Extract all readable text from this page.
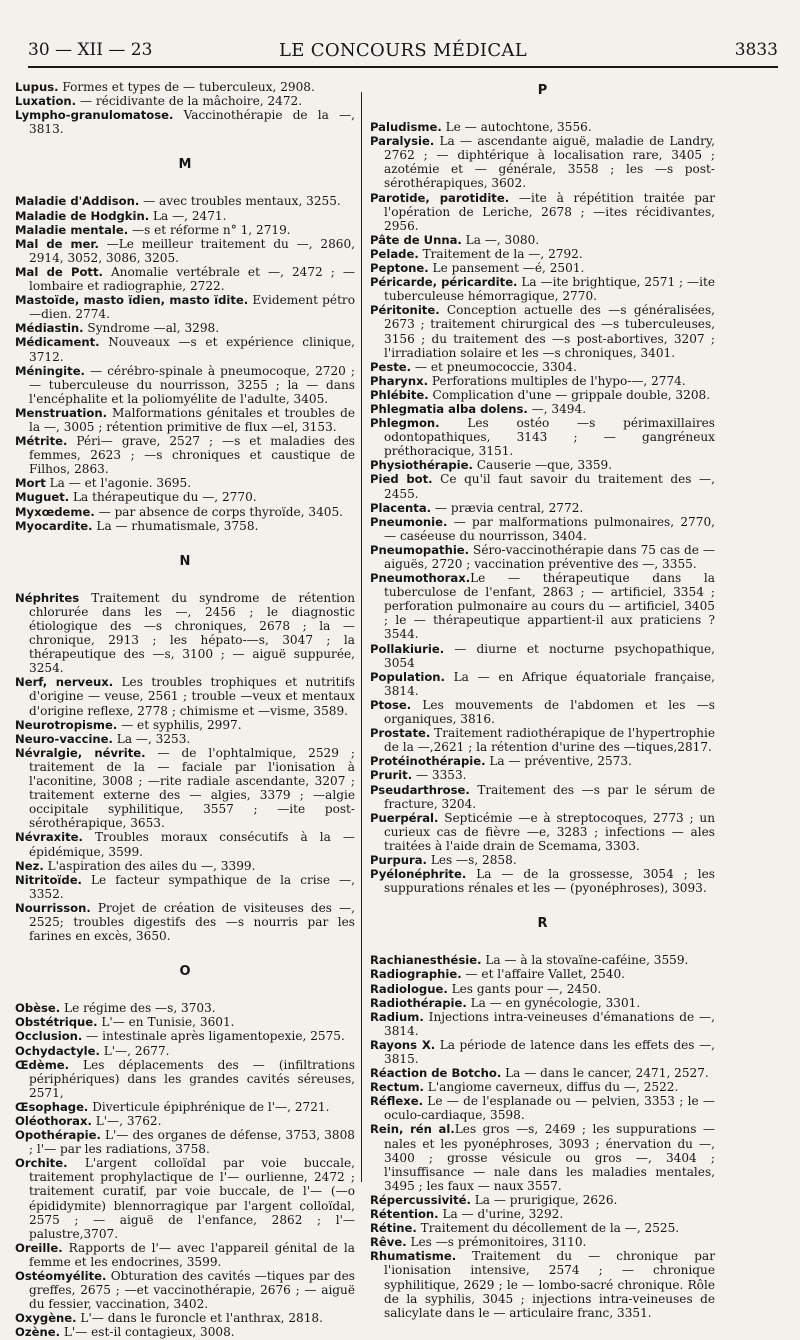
30 — XII — 23	LE CONCOURS MÉDICAL	3833

Lupus. Formes et types de — tuberculeux, 2908.

Luxation. — récidivante de la mâchoire, 2472.

Lympho-granulomatose. Vaccinothérapie de la —, 3813.

M

Maladie d'Addison. — avec troubles mentaux, 3255.

Maladie de Hodgkin. La —, 2471.

Maladie mentale. —s et réforme n° 1, 2719.

Mal de mer. —Le meilleur traitement du —, 2860, 2914, 3052, 3086, 3205.

Mal de Pott. Anomalie vertébrale et —, 2472 ; — lombaire et radiographie, 2722.

Mastoïde, masto ïdien, masto ïdite. Evidement pétro—dien. 2774.

Médiastin. Syndrome —al, 3298.

Médicament. Nouveaux —s et expérience clinique, 3712.

Méningite. — cérébro-spinale à pneumocoque, 2720 ; — tuberculeuse du nourrisson, 3255 ; la — dans l'encéphalite et la poliomyélite de l'adulte, 3405.

Menstruation. Malformations génitales et troubles de la —, 3005 ; rétention primitive de flux —el, 3153.

Métrite. Péri— grave, 2527 ; —s et maladies des femmes, 2623 ; —s chroniques et caustique de Filhos, 2863.

Mort La — et l'agonie. 3695.

Muguet. La thérapeutique du —, 2770.

Myxœdeme. — par absence de corps thyroïde, 3405.

Myocardite. La — rhumatismale, 3758.

N

Néphrites Traitement du syndrome de rétention chlorurée dans les —, 2456 ; le diagnostic étiologique des —s chroniques, 2678 ; la — chronique, 2913 ; les hépato-—s, 3047 ; la thérapeutique des —s, 3100 ; — aiguë suppurée, 3254.

Nerf, nerveux. Les troubles trophiques et nutritifs d'origine — veuse, 2561 ; trouble —veux et mentaux d'origine reflexe, 2778 ; chimisme et —visme, 3589.

Neurotropisme. — et syphilis, 2997.

Neuro-vaccine. La —, 3253.

Névralgie, névrite. — de l'ophtalmique, 2529 ; traitement de la — faciale par l'ionisation à l'aconitine, 3008 ; —rite radiale ascendante, 3207 ; traitement externe des — algies, 3379 ; —algie occipitale syphilitique, 3557 ; —ite post-sérothérapique, 3653.

Névraxite. Troubles moraux consécutifs à la — épidémique, 3599.

Nez. L'aspiration des ailes du —, 3399.

Nitritoïde. Le facteur sympathique de la crise —, 3352.

Nourrisson. Projet de création de visiteuses des —, 2525; troubles digestifs des —s nourris par les farines en excès, 3650.

O

Obèse. Le régime des —s, 3703.

Obstétrique. L'— en Tunisie, 3601.

Occlusion. — intestinale après ligamentopexie, 2575.

Ochydactyle. L'—, 2677.

Œdème. Les déplacements des — (infiltrations périphériques) dans les grandes cavités séreuses, 2571,

Œsophage. Diverticule épiphrénique de l'—, 2721.

Oléothorax. L'—, 3762.

Opothérapie. L'— des organes de défense, 3753, 3808 ; l'— par les radiations, 3758.

Orchite. L'argent colloïdal par voie buccale, traitement prophylactique de l'— ourlienne, 2472 ; traitement curatif, par voie buccale, de l'— (—o épididymite) blennorragique par l'argent colloïdal, 2575 ; — aiguë de l'enfance, 2862 ; l'— palustre,3707.

Oreille. Rapports de l'— avec l'appareil génital de la femme et les endocrines, 3599.

Ostéomyélite. Obturation des cavités —tiques par des greffes, 2675 ; —et vaccinothérapie, 2676 ; — aiguë du fessier, vaccination, 3402.

Oxygène. L'— dans le furoncle et l'anthrax, 2818.

Ozène. L'— est-il contagieux, 3008.

P

Paludisme. Le — autochtone, 3556.

Paralysie. La — ascendante aiguë, maladie de Landry, 2762 ; — diphtérique à localisation rare, 3405 ; azotémie et — générale, 3558 ; les —s post-sérothérapiques, 3602.

Parotide, parotidite. —ite à répétition traitée par l'opération de Leriche, 2678 ; —ites récidivantes, 2956.

Pâte de Unna. La —, 3080.

Pelade. Traitement de la —, 2792.

Peptone. Le pansement —é, 2501.

Péricarde, péricardite. La —ite brightique, 2571 ; —ite tuberculeuse hémorragique, 2770.

Péritonite. Conception actuelle des —s généralisées, 2673 ; traitement chirurgical des —s tuberculeuses, 3156 ; du traitement des —s post-abortives, 3207 ; l'irradiation solaire et les —s chroniques, 3401.

Peste. — et pneumococcie, 3304.

Pharynx. Perforations multiples de l'hypo-—, 2774.

Phlébite. Complication d'une — grippale double, 3208.

Phlegmatia alba dolens. —, 3494.

Phlegmon. Les ostéo —s périmaxillaires odontopathiques, 3143 ; — gangréneux préthoracique, 3151.

Physiothérapie. Causerie —que, 3359.

Pied bot. Ce qu'il faut savoir du traitement des —, 2455.

Placenta. — prævia central, 2772.

Pneumonie. — par malformations pulmonaires, 2770, — caséeuse du nourrisson, 3404.

Pneumopathie. Séro-vaccinothérapie dans 75 cas de — aiguës, 2720 ; vaccination préventive des —, 3355.

Pneumothorax.Le — thérapeutique dans la tuberculose de l'enfant, 2863 ; — artificiel, 3354 ; perforation pulmonaire au cours du — artificiel, 3405 ; le — thérapeutique appartient-il aux praticiens ? 3544.

Pollakiurie. — diurne et nocturne psychopathique, 3054

Population. La — en Afrique équatoriale française, 3814.

Ptose. Les mouvements de l'abdomen et les —s organiques, 3816.

Prostate. Traitement radiothérapique de l'hypertrophie de la —,2621 ; la rétention d'urine des —tiques,2817.

Protéinothérapie. La — préventive, 2573.

Prurit. — 3353.

Pseudarthrose. Traitement des —s par le sérum de fracture, 3204.

Puerpéral. Septicémie —e à streptocoques, 2773 ; un curieux cas de fièvre —e, 3283 ; infections — ales traitées à l'aide drain de Scemama, 3303.

Purpura. Les —s, 2858.

Pyélonéphrite. La — de la grossesse, 3054 ; les suppurations rénales et les — (pyonéphroses), 3093.

R

Rachianesthésie. La — à la stovaïne-caféine, 3559.

Radiographie. — et l'affaire Vallet, 2540.

Radiologue. Les gants pour —, 2450.

Radiothérapie. La — en gynécologie, 3301.

Radium. Injections intra-veineuses d'émanations de —, 3814.

Rayons X. La période de latence dans les effets des —, 3815.

Réaction de Botcho. La — dans le cancer, 2471, 2527.

Rectum. L'angiome caverneux, diffus du —, 2522.

Réflexe. Le — de l'esplanade ou — pelvien, 3353 ; le — oculo-cardiaque, 3598.

Rein, rén al.Les gros —s, 2469 ; les suppurations —nales et les pyonéphroses, 3093 ; énervation du —, 3400 ; grosse vésicule ou gros —, 3404 ; l'insuffisance — nale dans les maladies mentales, 3495 ; les faux — naux 3557.

Répercussivité. La — prurigique, 2626.

Rétention. La — d'urine, 3292.

Rétine. Traitement du décollement de la —, 2525.

Rêve. Les —s prémonitoires, 3110.

Rhumatisme. Traitement du — chronique par l'ionisation intensive, 2574 ; — chronique syphilitique, 2629 ; le — lombo-sacré chronique. Rôle de la syphilis, 3045 ; injections intra-veineuses de salicylate dans le — articulaire franc, 3351.
